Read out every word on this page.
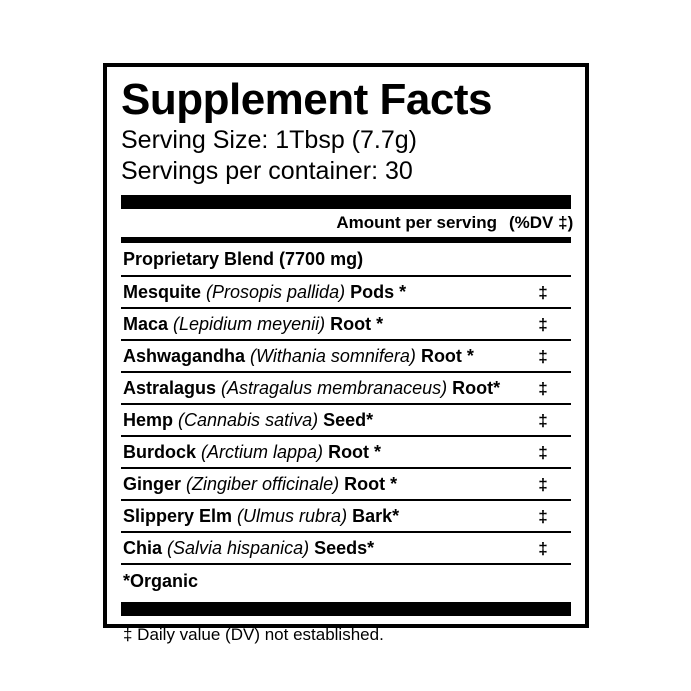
Supplement Facts
Serving Size: 1Tbsp (7.7g)
Servings per container: 30
Amount per serving (%DV ‡)
Proprietary Blend (7700 mg)
Mesquite (Prosopis pallida) Pods *	‡
Maca (Lepidium meyenii) Root *	‡
Ashwagandha (Withania somnifera) Root *	‡
Astralagus (Astragalus membranaceus) Root*	‡
Hemp (Cannabis sativa) Seed*	‡
Burdock (Arctium lappa) Root *	‡
Ginger (Zingiber officinale) Root *	‡
Slippery Elm (Ulmus rubra) Bark*	‡
Chia (Salvia hispanica) Seeds*	‡
*Organic
‡ Daily value (DV) not established.
